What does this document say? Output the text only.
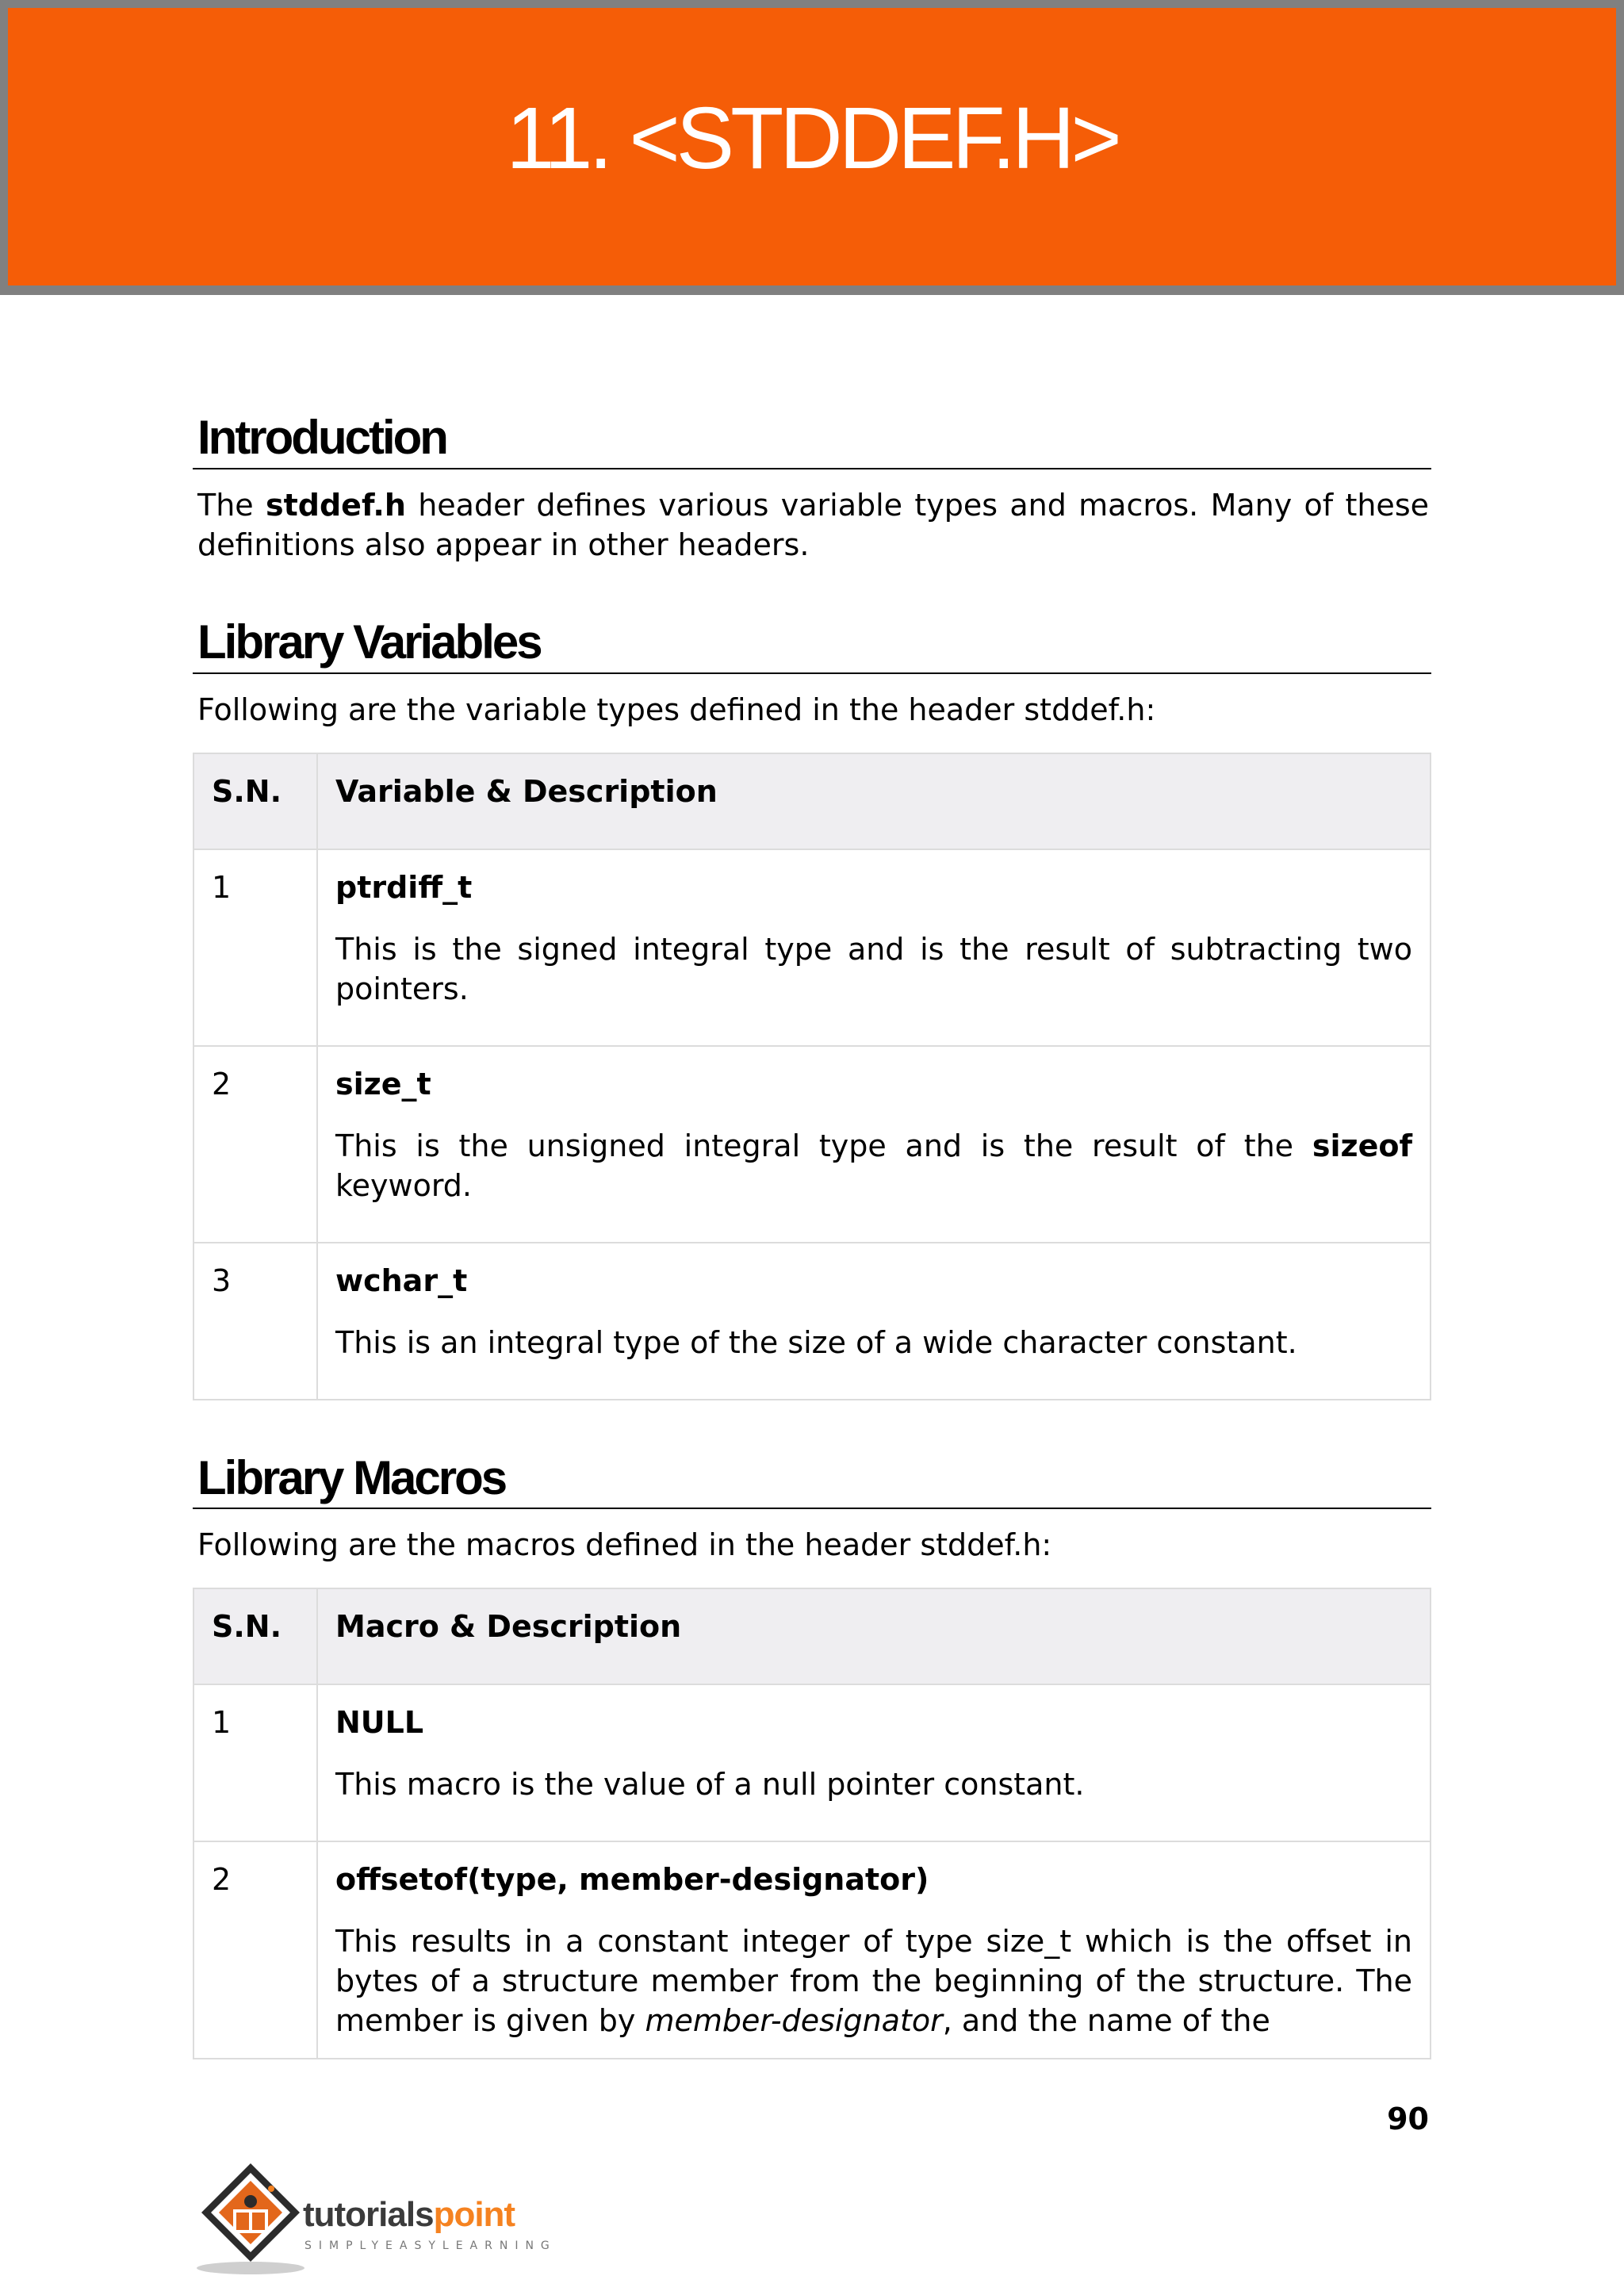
11. <STDDEF.H>
Introduction

The stddef.h header defines various variable types and macros. Many of these definitions also appear in other headers.

Library Variables

Following are the variable types defined in the header stddef.h:

S.N.	Variable & Description
1	ptrdiff_t

This is the signed integral type and is the result of subtracting two pointers.

2	size_t

This is the unsigned integral type and is the result of the sizeof keyword.

3	wchar_t

This is an integral type of the size of a wide character constant.

Library Macros

Following are the macros defined in the header stddef.h:

S.N.	Macro & Description
1	NULL

This macro is the value of a null pointer constant.

2	offsetof(type, member-designator)

This results in a constant integer of type size_t which is the offset in bytes of a structure member from the beginning of the structure. The member is given by member-designator, and the name of the

90
tutorialspoint
SIMPLYEASYLEARNING
